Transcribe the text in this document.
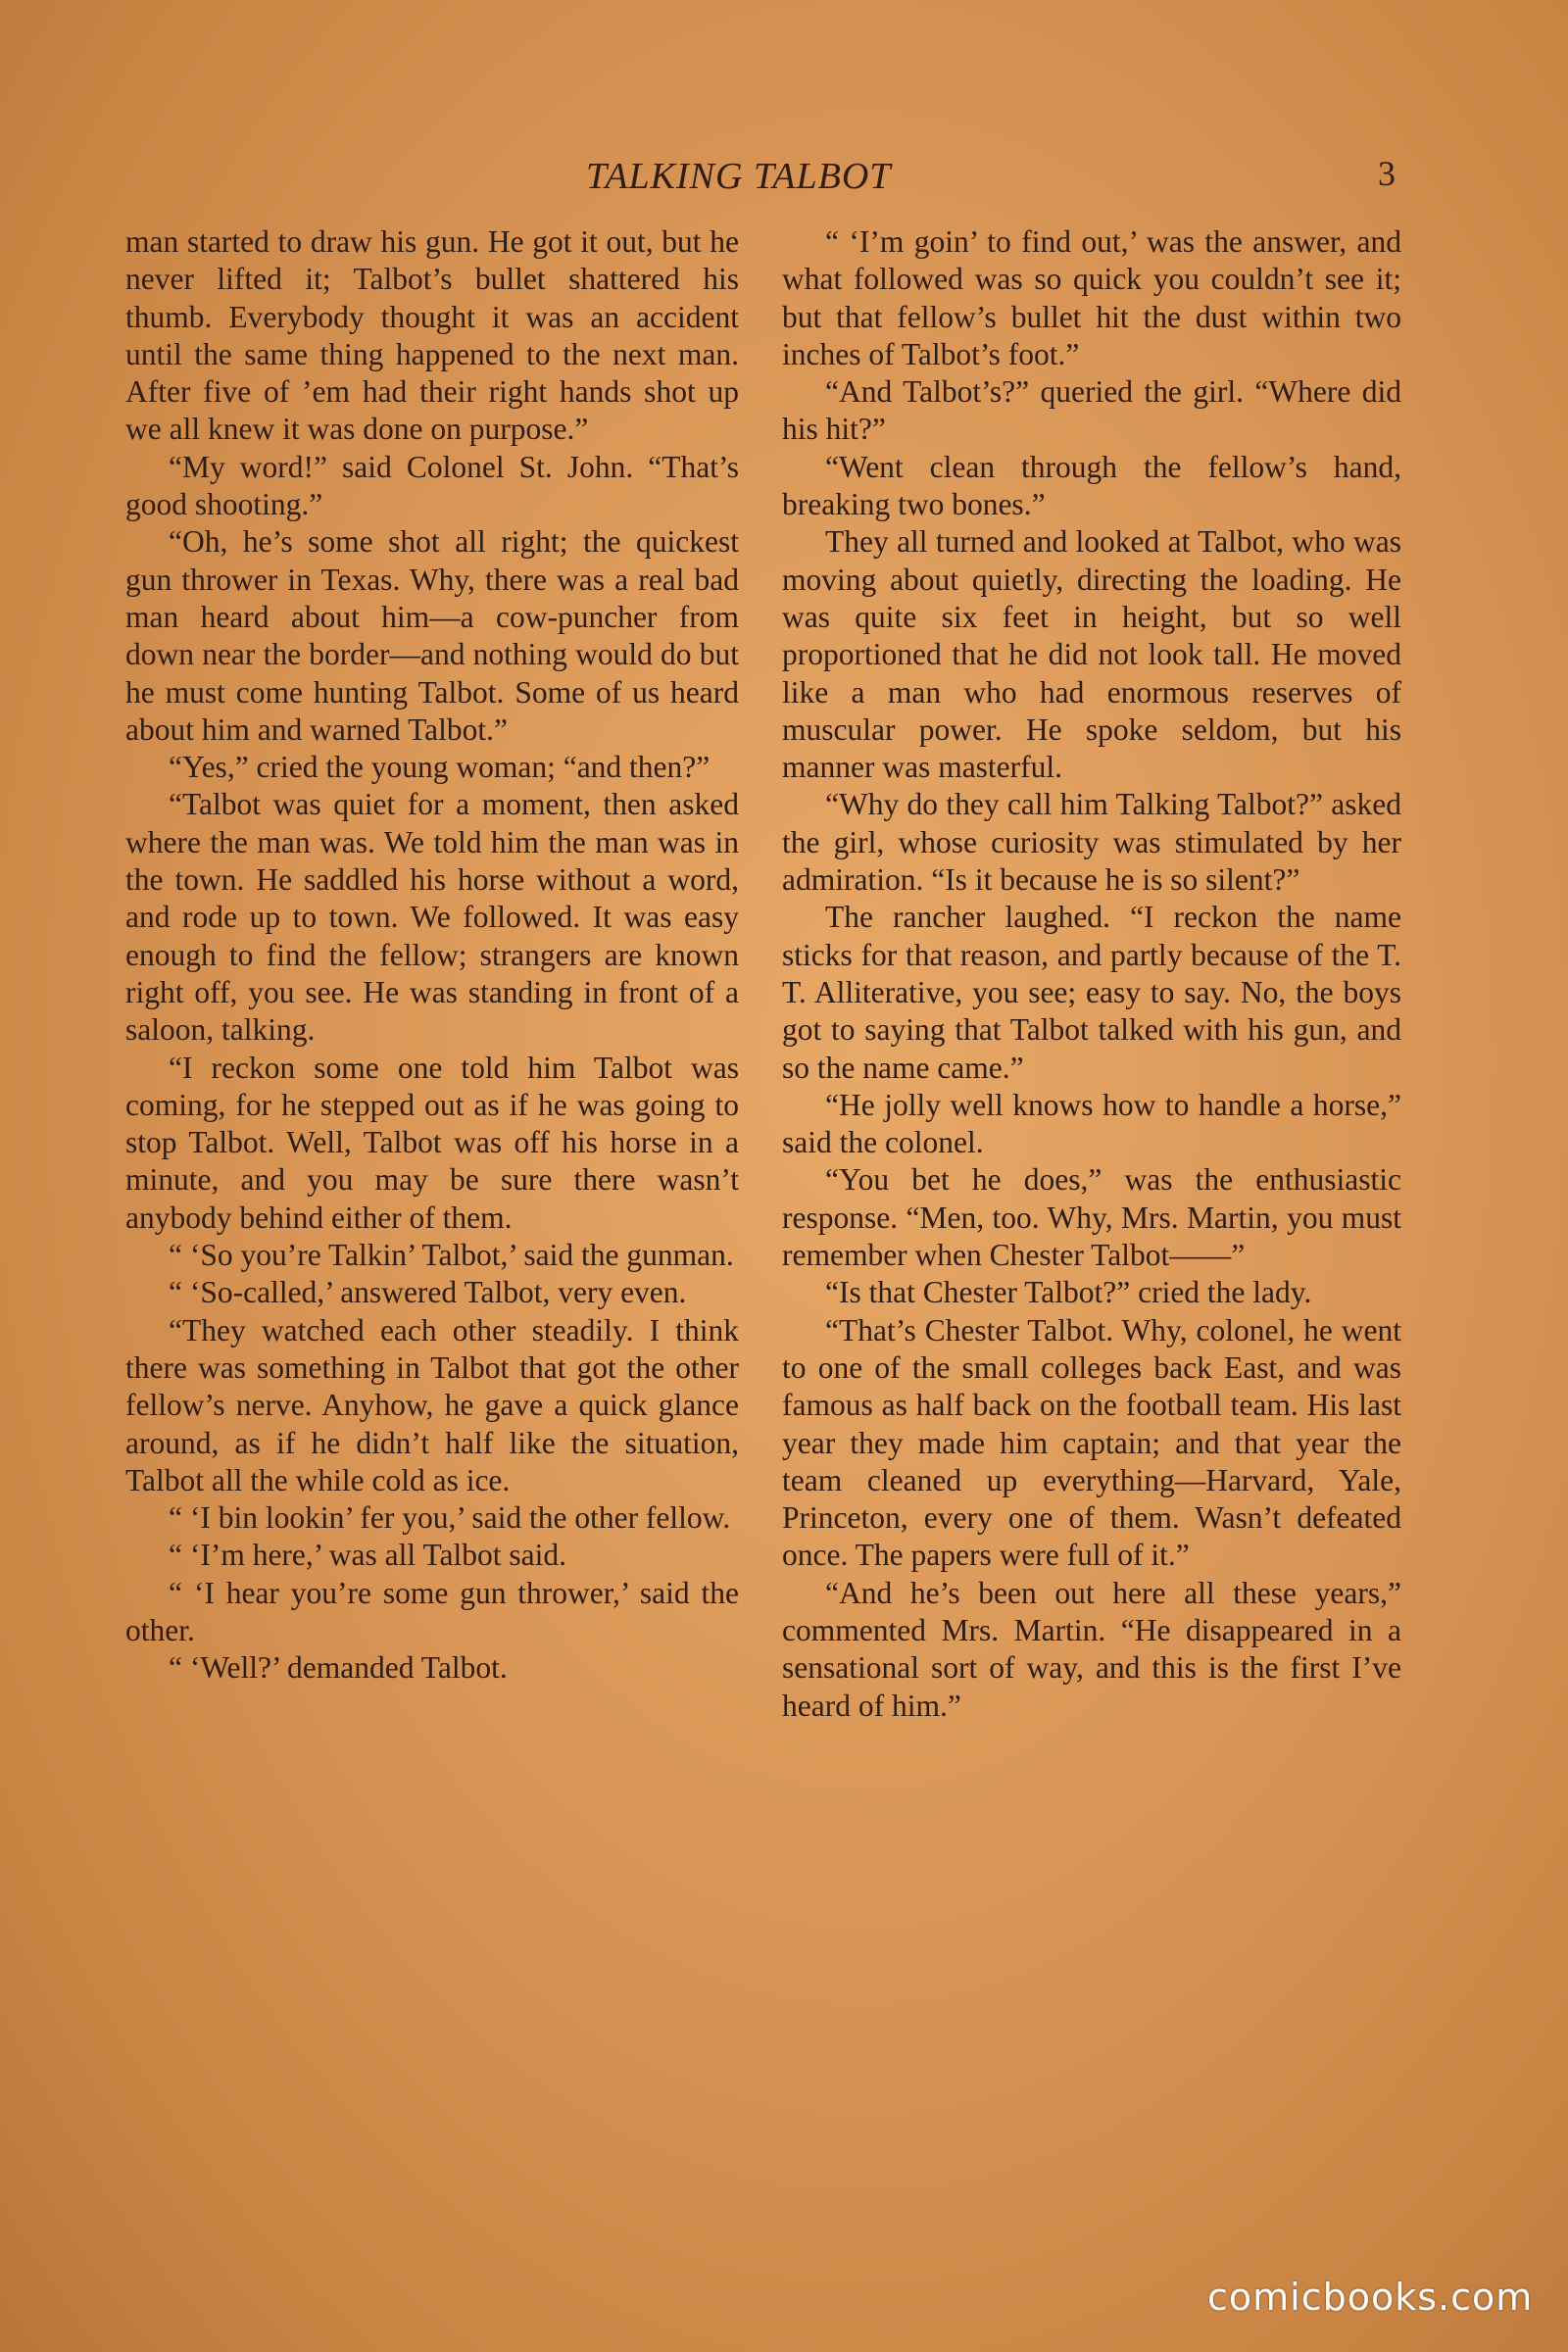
TALKING TALBOT	3

man started to draw his gun. He got it out, but he never lifted it; Talbot’s bullet shattered his thumb. Everybody thought it was an accident until the same thing happened to the next man. After five of ’em had their right hands shot up we all knew it was done on purpose.”

“My word!” said Colonel St. John. “That’s good shooting.”

“Oh, he’s some shot all right; the quickest gun thrower in Texas. Why, there was a real bad man heard about him—a cow-puncher from down near the border—and nothing would do but he must come hunting Talbot. Some of us heard about him and warned Talbot.”

“Yes,” cried the young woman; “and then?”

“Talbot was quiet for a moment, then asked where the man was. We told him the man was in the town. He saddled his horse without a word, and rode up to town. We followed. It was easy enough to find the fellow; strangers are known right off, you see. He was standing in front of a saloon, talking.

“I reckon some one told him Talbot was coming, for he stepped out as if he was going to stop Talbot. Well, Talbot was off his horse in a minute, and you may be sure there wasn’t anybody behind either of them.

“ ‘So you’re Talkin’ Talbot,’ said the gunman.

“ ‘So-called,’ answered Talbot, very even.

“They watched each other steadily. I think there was something in Talbot that got the other fellow’s nerve. Anyhow, he gave a quick glance around, as if he didn’t half like the situation, Talbot all the while cold as ice.

“ ‘I bin lookin’ fer you,’ said the other fellow.

“ ‘I’m here,’ was all Talbot said.

“ ‘I hear you’re some gun thrower,’ said the other.

“ ‘Well?’ demanded Talbot.

“ ‘I’m goin’ to find out,’ was the answer, and what followed was so quick you couldn’t see it; but that fellow’s bullet hit the dust within two inches of Talbot’s foot.”

“And Talbot’s?” queried the girl. “Where did his hit?”

“Went clean through the fellow’s hand, breaking two bones.”

They all turned and looked at Talbot, who was moving about quietly, directing the loading. He was quite six feet in height, but so well proportioned that he did not look tall. He moved like a man who had enormous reserves of muscular power. He spoke seldom, but his manner was masterful.

“Why do they call him Talking Talbot?” asked the girl, whose curiosity was stimulated by her admiration. “Is it because he is so silent?”

The rancher laughed. “I reckon the name sticks for that reason, and partly because of the T. T. Alliterative, you see; easy to say. No, the boys got to saying that Talbot talked with his gun, and so the name came.”

“He jolly well knows how to handle a horse,” said the colonel.

“You bet he does,” was the enthusiastic response. “Men, too. Why, Mrs. Martin, you must remember when Chester Talbot——”

“Is that Chester Talbot?” cried the lady.

“That’s Chester Talbot. Why, colonel, he went to one of the small colleges back East, and was famous as half back on the football team. His last year they made him captain; and that year the team cleaned up everything—Harvard, Yale, Princeton, every one of them. Wasn’t defeated once. The papers were full of it.”

“And he’s been out here all these years,” commented Mrs. Martin. “He disappeared in a sensational sort of way, and this is the first I’ve heard of him.”

comicbooks.com
